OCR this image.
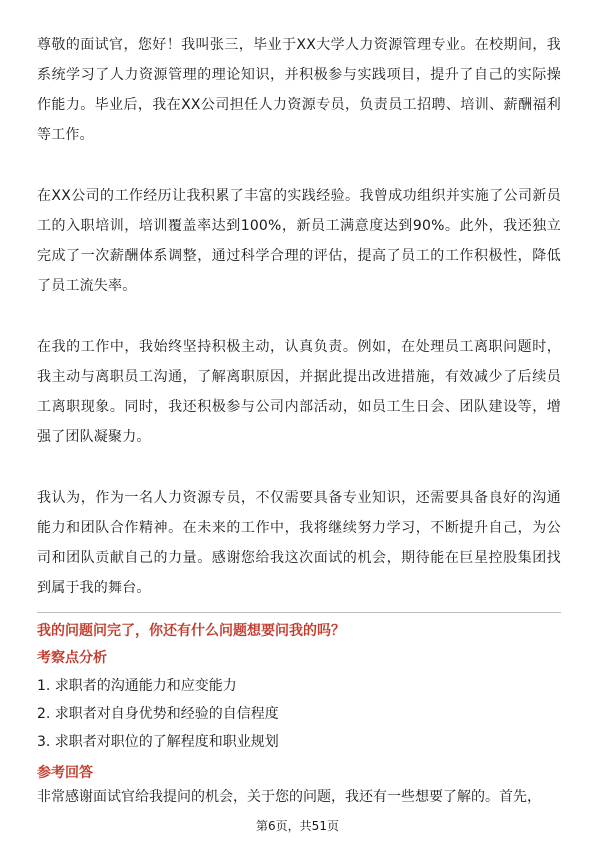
尊敬的面试官，您好！我叫张三，毕业于XX大学人力资源管理专业。在校期间，我系统学习了人力资源管理的理论知识，并积极参与实践项目，提升了自己的实际操作能力。毕业后，我在XX公司担任人力资源专员，负责员工招聘、培训、薪酬福利等工作。

在XX公司的工作经历让我积累了丰富的实践经验。我曾成功组织并实施了公司新员工的入职培训，培训覆盖率达到100%，新员工满意度达到90%。此外，我还独立完成了一次薪酬体系调整，通过科学合理的评估，提高了员工的工作积极性，降低了员工流失率。

在我的工作中，我始终坚持积极主动，认真负责。例如，在处理员工离职问题时，我主动与离职员工沟通，了解离职原因，并据此提出改进措施，有效减少了后续员工离职现象。同时，我还积极参与公司内部活动，如员工生日会、团队建设等，增强了团队凝聚力。

我认为，作为一名人力资源专员，不仅需要具备专业知识，还需要具备良好的沟通能力和团队合作精神。在未来的工作中，我将继续努力学习，不断提升自己，为公司和团队贡献自己的力量。感谢您给我这次面试的机会，期待能在巨星控股集团找到属于我的舞台。

我的问题问完了，你还有什么问题想要问我的吗？
考察点分析
1. 求职者的沟通能力和应变能力
2. 求职者对自身优势和经验的自信程度
3. 求职者对职位的了解程度和职业规划
参考回答

非常感谢面试官给我提问的机会，关于您的问题，我还有一些想要了解的。首先，

第6页，共51页
